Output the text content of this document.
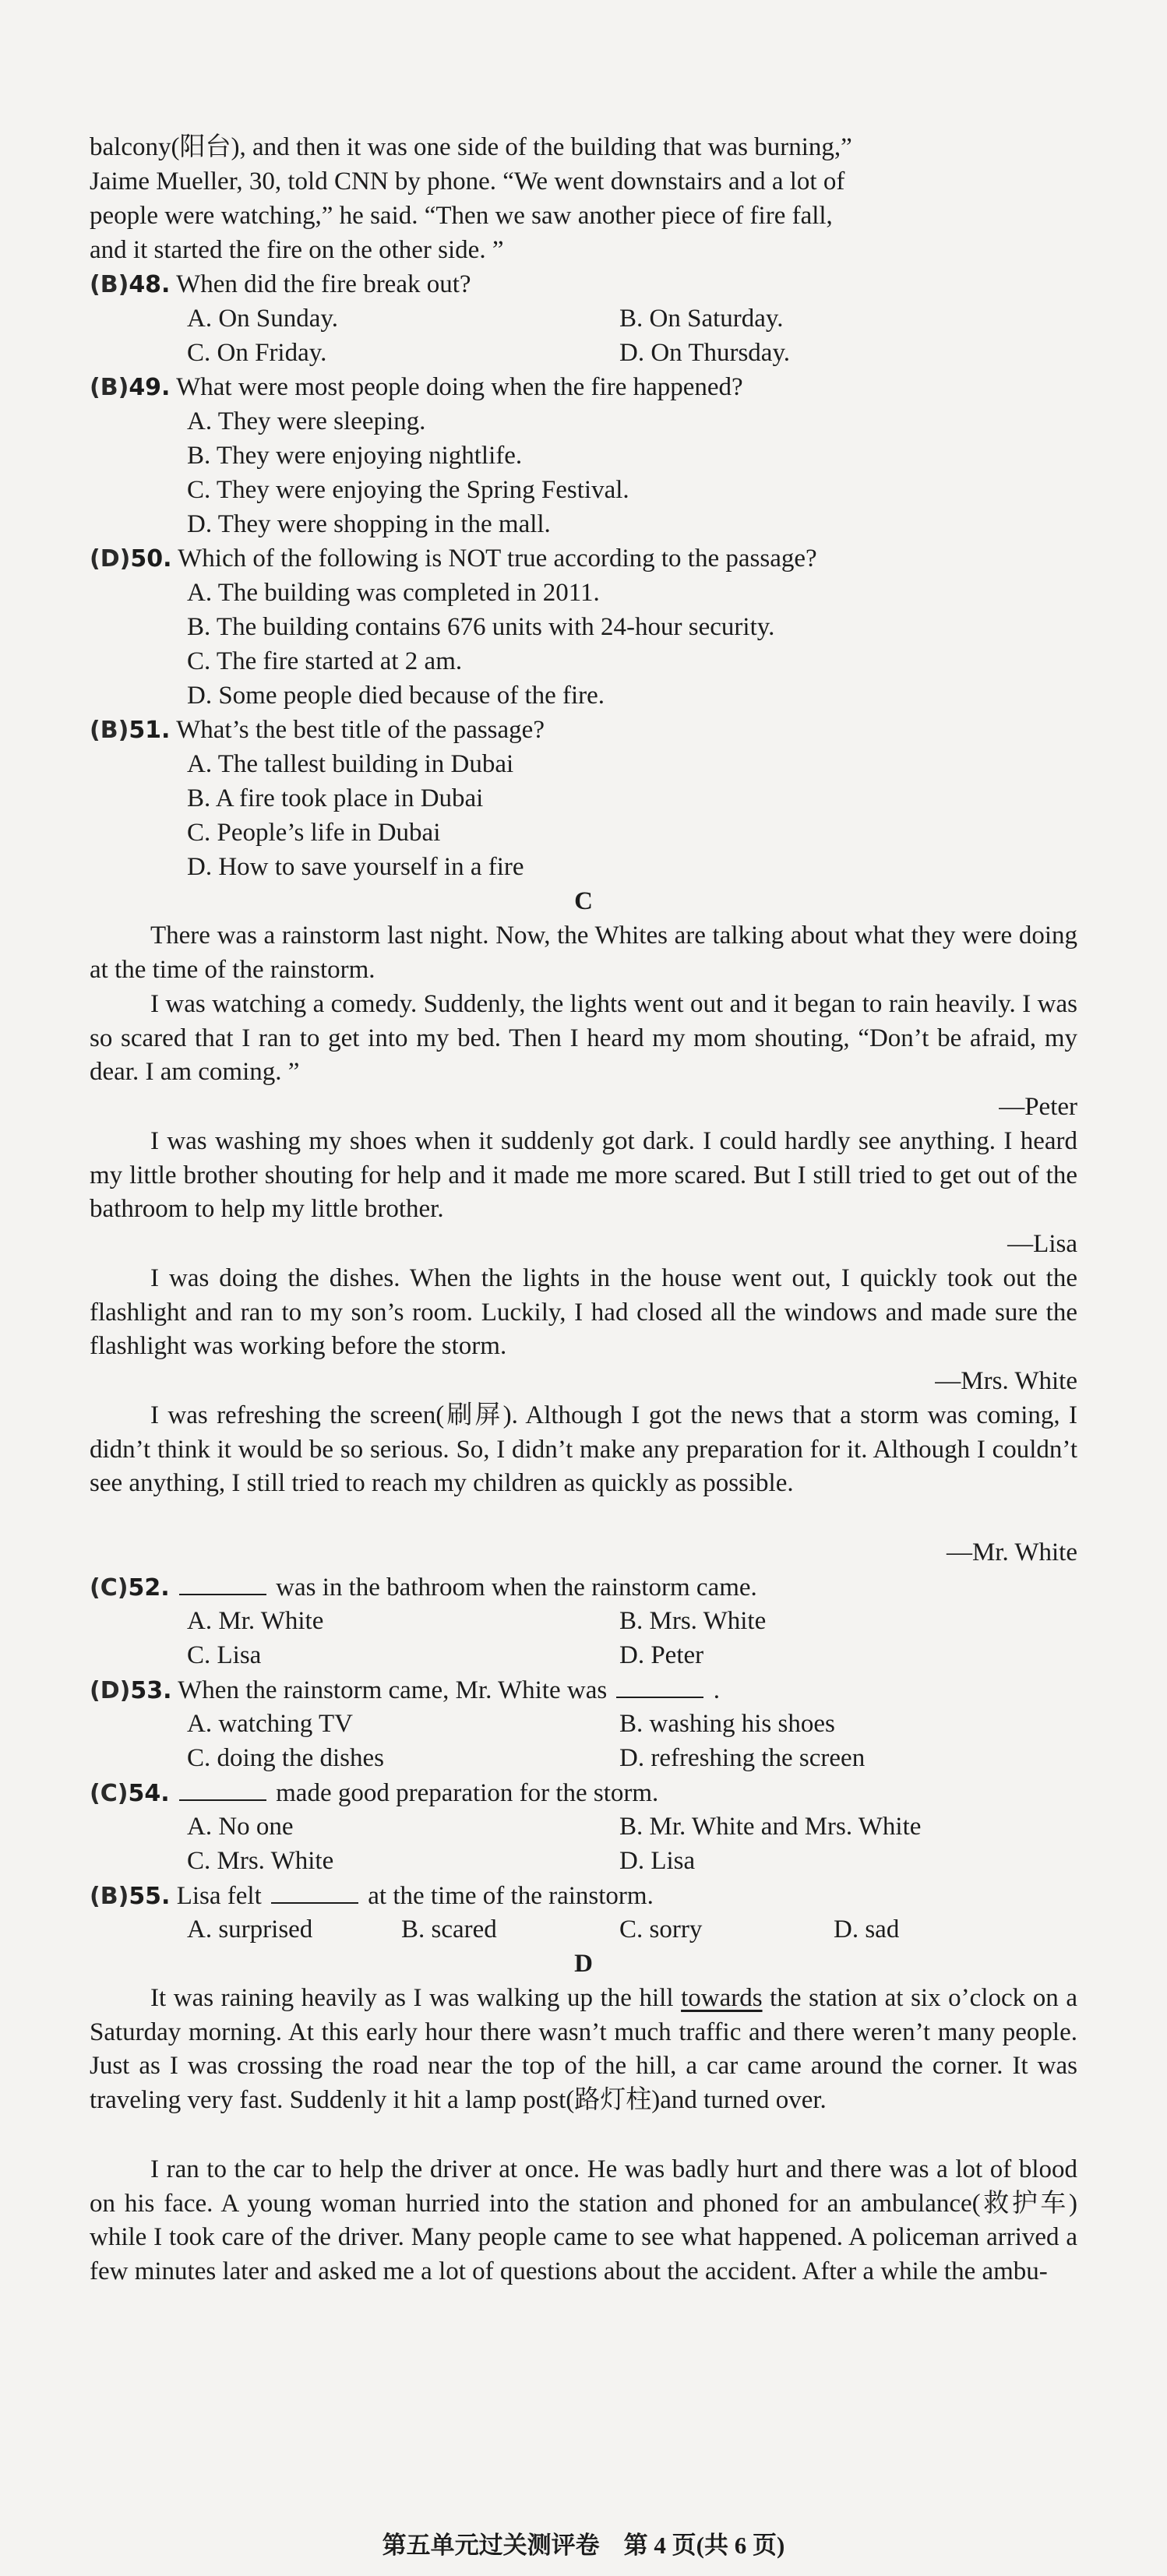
balcony(阳台), and then it was one side of the building that was burning,”
Jaime Mueller, 30, told CNN by phone. “We went downstairs and a lot of
people were watching,” he said. “Then we saw another piece of fire fall,
and it started the fire on the other side. ”
(B)48. When did the fire break out?
A. On Sunday.	B. On Saturday.
C. On Friday.	D. On Thursday.
(B)49. What were most people doing when the fire happened?
A. They were sleeping.
B. They were enjoying nightlife.
C. They were enjoying the Spring Festival.
D. They were shopping in the mall.
(D)50. Which of the following is NOT true according to the passage?
A. The building was completed in 2011.
B. The building contains 676 units with 24-hour security.
C. The fire started at 2 am.
D. Some people died because of the fire.
(B)51. What’s the best title of the passage?
A. The tallest building in Dubai
B. A fire took place in Dubai
C. People’s life in Dubai
D. How to save yourself in a fire
C
There was a rainstorm last night. Now, the Whites are talking about what they were doing at the time of the rainstorm.
I was watching a comedy. Suddenly, the lights went out and it began to rain heavily. I was so scared that I ran to get into my bed. Then I heard my mom shouting, “Don’t be afraid, my dear. I am coming. ”
—Peter
I was washing my shoes when it suddenly got dark. I could hardly see anything. I heard my little brother shouting for help and it made me more scared. But I still tried to get out of the bathroom to help my little brother.
—Lisa
I was doing the dishes. When the lights in the house went out, I quickly took out the flashlight and ran to my son’s room. Luckily, I had closed all the windows and made sure the flashlight was working before the storm.
—Mrs. White
I was refreshing the screen(刷屏). Although I got the news that a storm was coming, I didn’t think it would be so serious. So, I didn’t make any preparation for it. Although I couldn’t see anything, I still tried to reach my children as quickly as possible.
—Mr. White
(C)52.	was in the bathroom when the rainstorm came.
A. Mr. White	B. Mrs. White
C. Lisa	D. Peter
(D)53. When the rainstorm came, Mr. White was	.
A. watching TV	B. washing his shoes
C. doing the dishes	D. refreshing the screen
(C)54.	made good preparation for the storm.
A. No one	B. Mr. White and Mrs. White
C. Mrs. White	D. Lisa
(B)55. Lisa felt	at the time of the rainstorm.
A. surprised	B. scared	C. sorry	D. sad
D
It was raining heavily as I was walking up the hill towards the station at six o’clock on a Saturday morning. At this early hour there wasn’t much traffic and there weren’t many people. Just as I was crossing the road near the top of the hill, a car came around the corner. It was traveling very fast. Suddenly it hit a lamp post(路灯柱)and turned over.
I ran to the car to help the driver at once. He was badly hurt and there was a lot of blood on his face. A young woman hurried into the station and phoned for an ambulance(救护车) while I took care of the driver. Many people came to see what happened. A policeman arrived a few minutes later and asked me a lot of questions about the accident. After a while the ambu-
第五单元过关测评卷　第 4 页(共 6 页)
